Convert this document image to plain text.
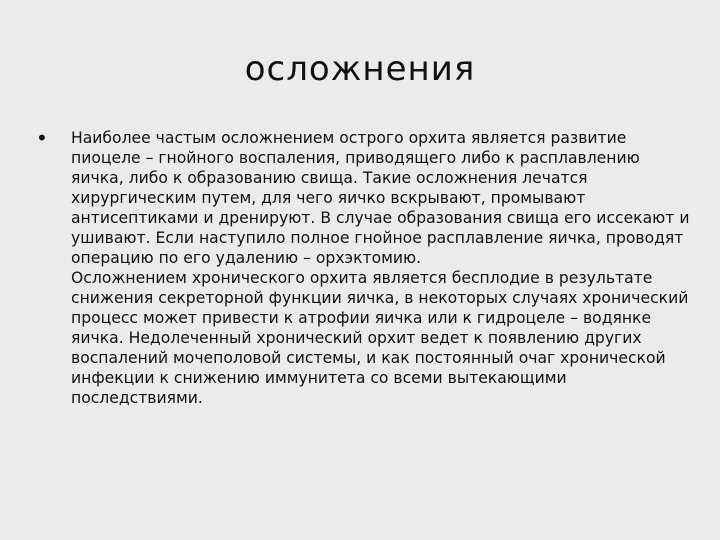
осложнения
• Наиболее частым осложнением острого орхита является развитие пиоцеле – гнойного воспаления, приводящего либо к расплавлению яичка, либо к образованию свища. Такие осложнения лечатся хирургическим путем, для чего яичко вскрывают, промывают антисептиками и дренируют. В случае образования свища его иссекают и ушивают. Если наступило полное гнойное расплавление яичка, проводят операцию по его удалению – орхэктомию.
Осложнением хронического орхита является бесплодие в результате снижения секреторной функции яичка, в некоторых случаях хронический процесс может привести к атрофии яичка или к гидроцеле – водянке яичка. Недолеченный хронический орхит ведет к появлению других воспалений мочеполовой системы, и как постоянный очаг хронической инфекции к снижению иммунитета со всеми вытекающими последствиями.
